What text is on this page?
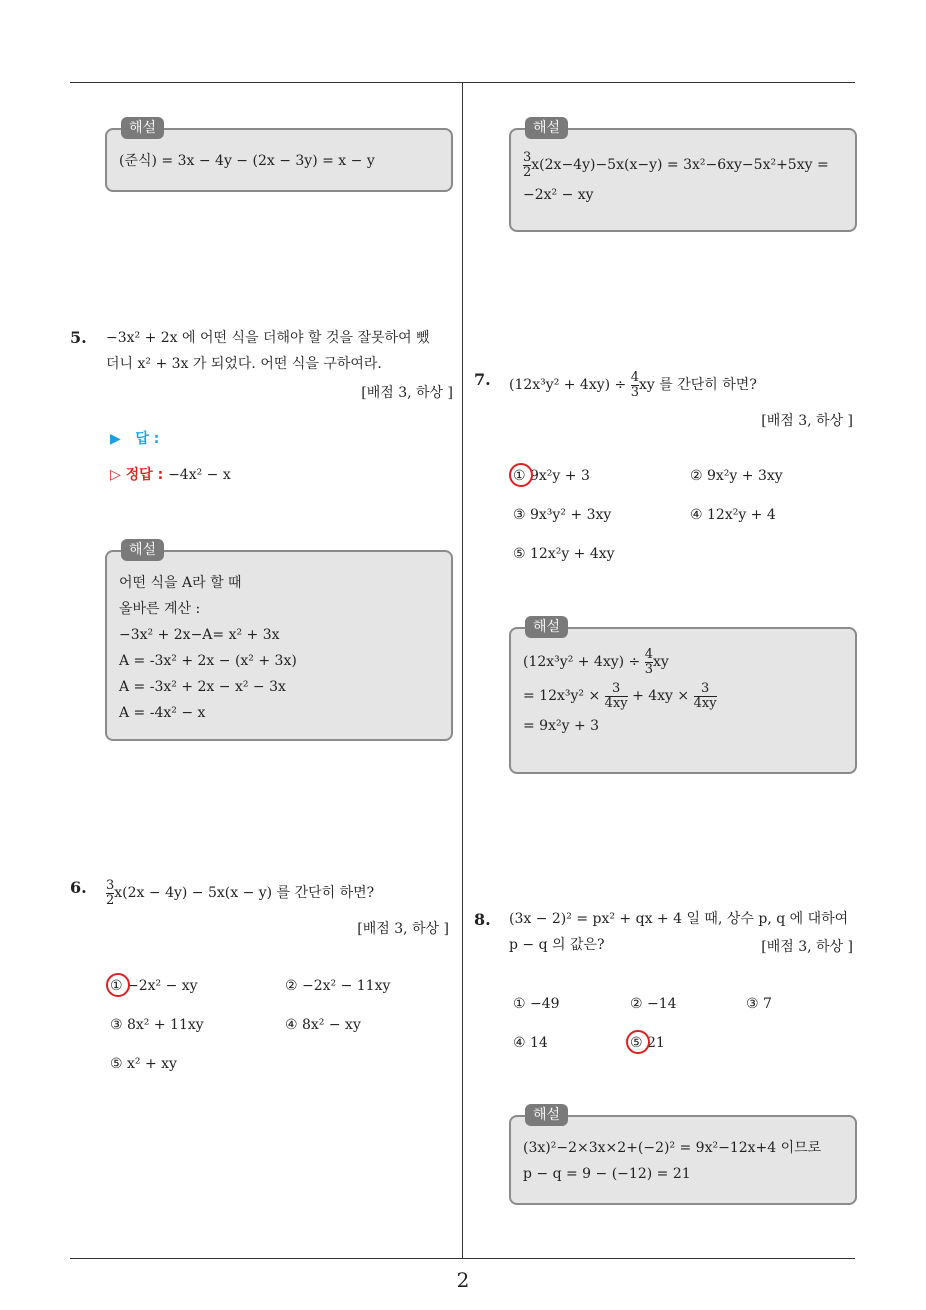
2
해설
(준식) = 3x − 4y − (2x − 3y) = x − y
해설
$\frac{3}{2} x(2x-4y)-5x(x-y) = 3x^2-6xy-5x^2+5xy$ =
−2x² − xy
5. −3x² + 2x 에 어떤 식을 더해야 할 것을 잘못하여 뺐
더니 x² + 3x 가 되었다. 어떤 식을 구하여라.
[배점 3, 하상 ]
▶ 답 :
▷ 정답 : −4x² − x
해설
어떤 식을 A라 할 때
올바른 계산 :
−3x² + 2x−A= x² + 3x
A = -3x² + 2x − (x² + 3x)
A = -3x² + 2x − x² − 3x
A = -4x² − x
7. $(12x^3y^2 + 4xy) \div \frac{4}{3}$ xy 를 간단히 하면?
[배점 3, 하상 ]
① 9x²y + 3	② 9x²y + 3xy
③ 9x³y² + 3xy	④ 12x²y + 4
⑤ 12x²y + 4xy
해설
$(12x^3y^2 + 4xy) \div \frac{4}{3}$ xy
= $12x^3y^2 \times \frac{3}{4xy} + 4xy \times \frac{3}{4xy}$
= 9x²y + 3
6. $\frac{3}{2} x(2x - 4y) - 5x(x - y)$ 를 간단히 하면?
[배점 3, 하상 ]
① −2x² − xy	② −2x² − 11xy
③ 8x² + 11xy	④ 8x² − xy
⑤ x² + xy
8. (3x − 2)² = px² + qx + 4 일 때, 상수 p, q 에 대하여
p − q 의 값은?	[배점 3, 하상 ]
① −49	② −14	③ 7
④ 14	⑤ 21
해설
(3x)²−2×3x×2+(−2)² = 9x²−12x+4 이므로
p − q = 9 − (−12) = 21
